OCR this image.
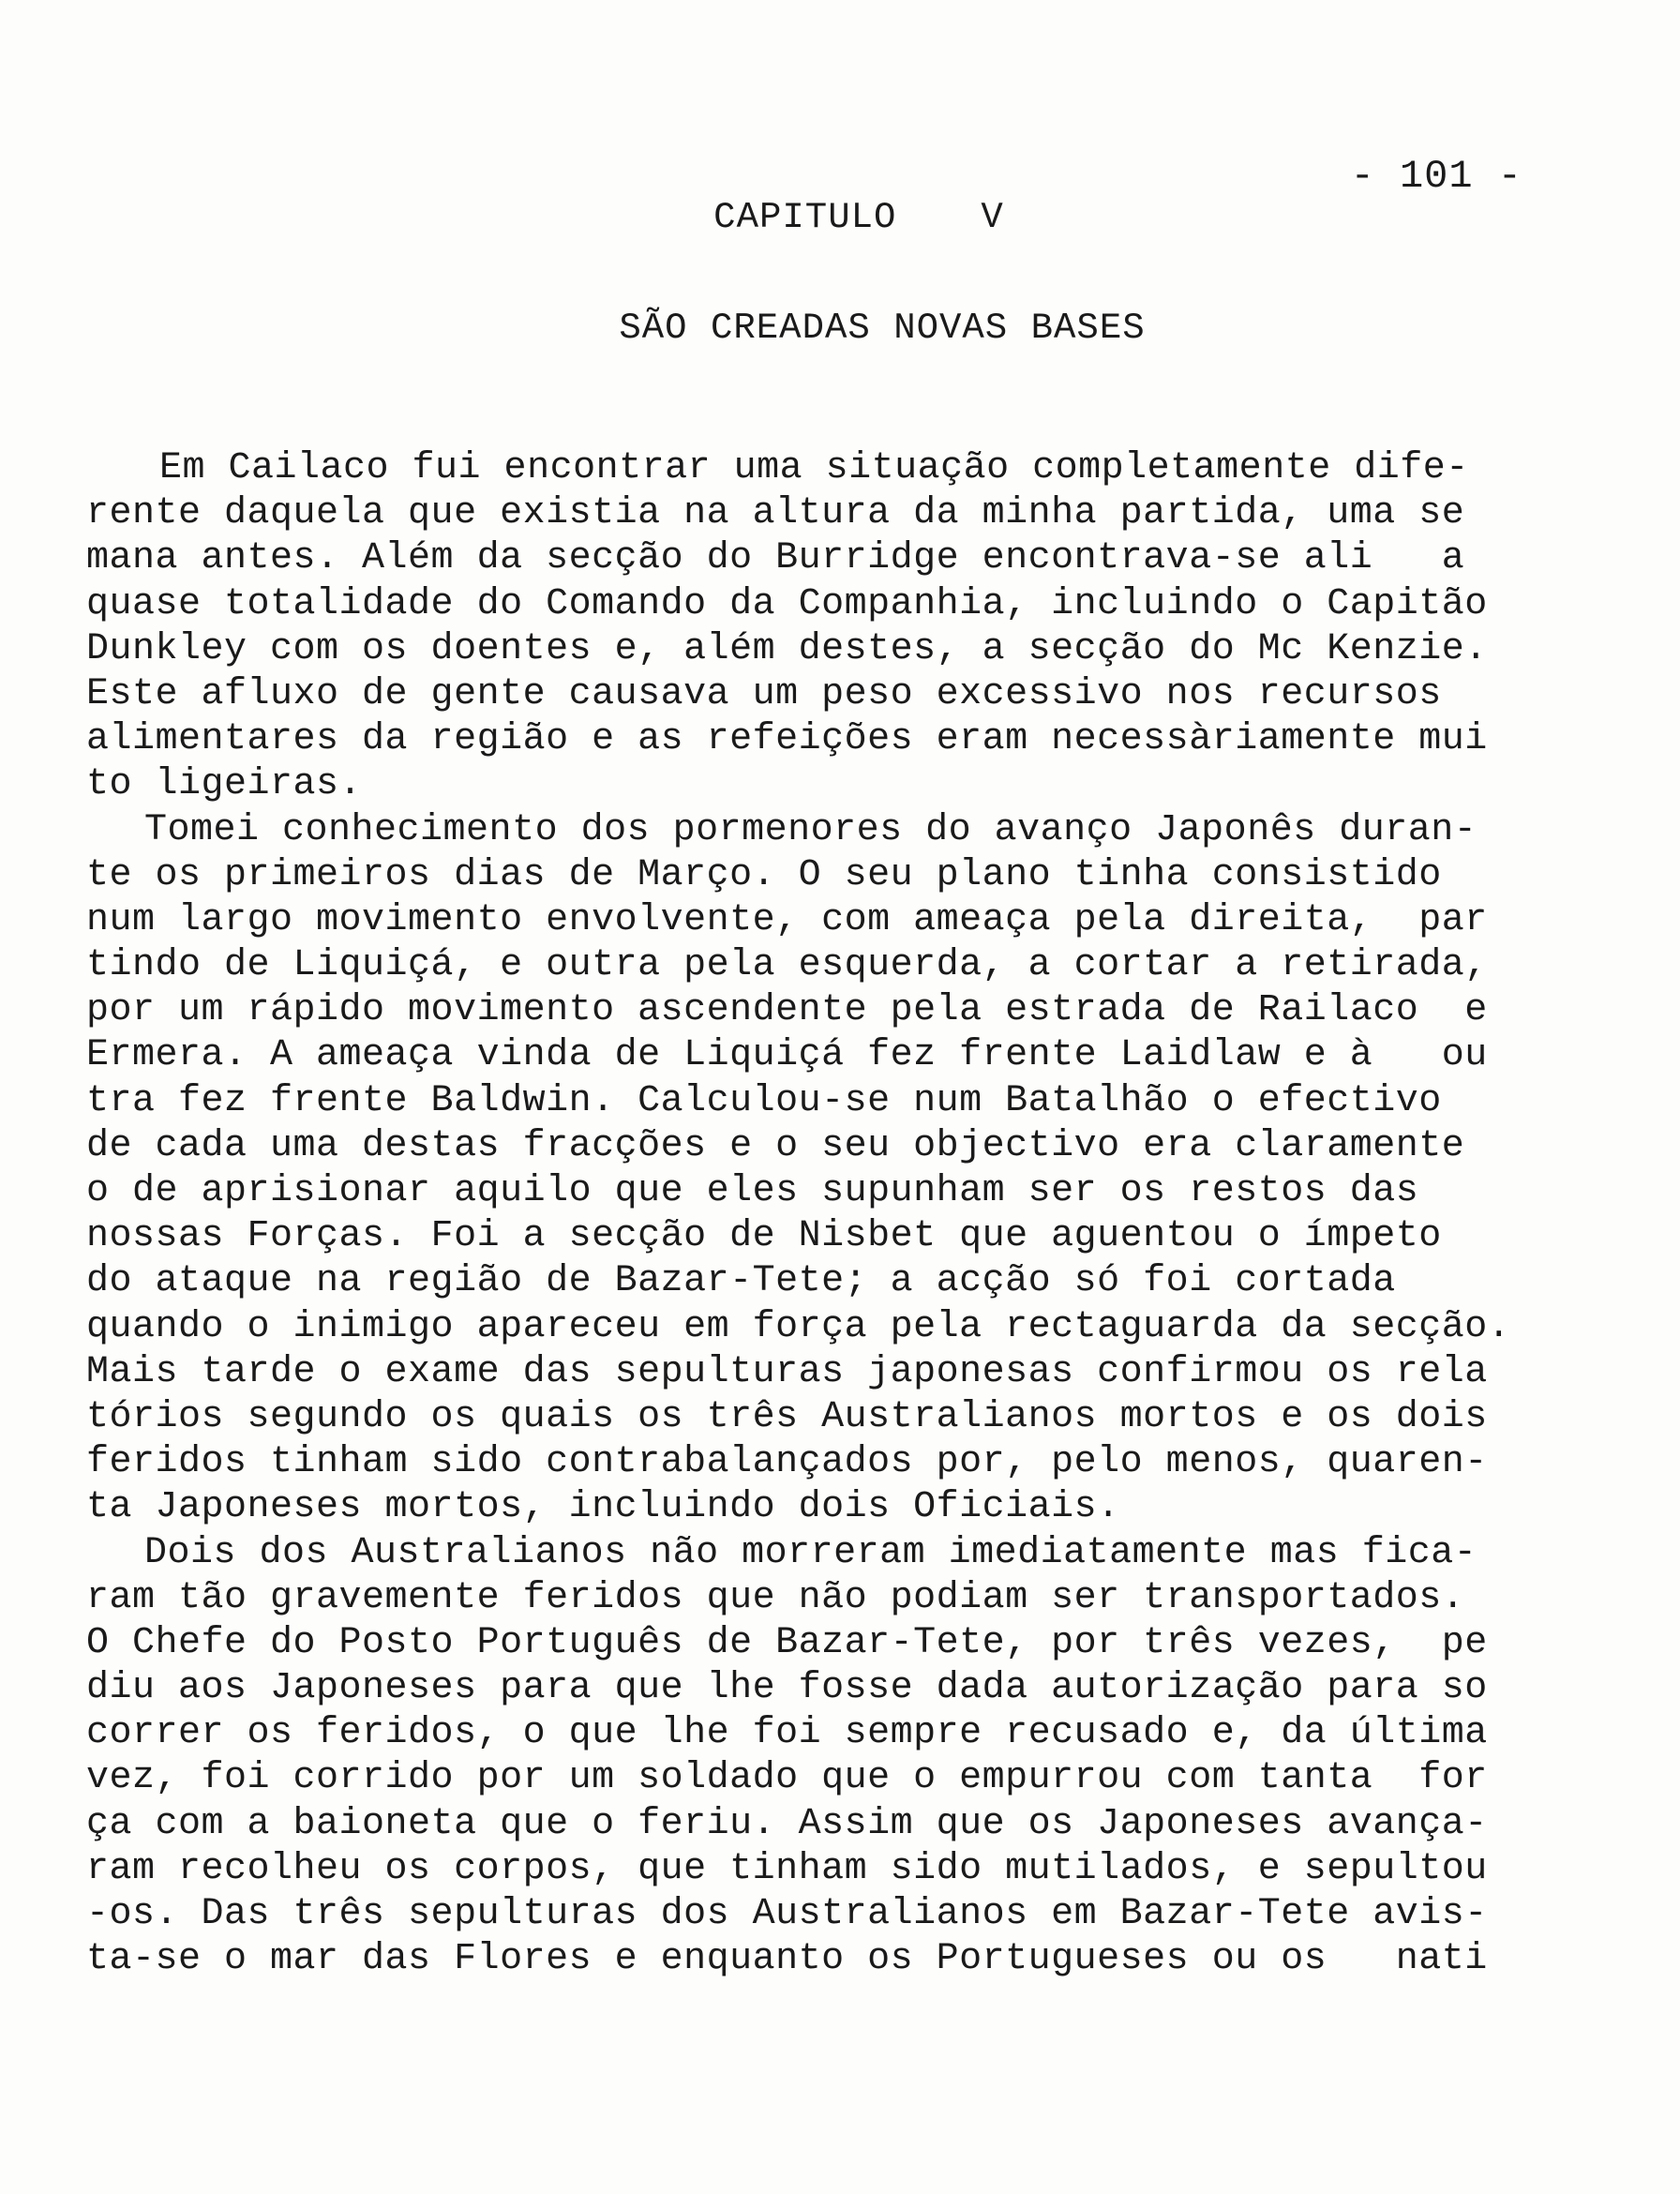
- 101 -
CAPITULO V
SÃO CREADAS NOVAS BASES
Em Cailaco fui encontrar uma situação completamente dife-
rente daquela que existia na altura da minha partida, uma se
mana antes. Além da secção do Burridge encontrava-se ali   a
quase totalidade do Comando da Companhia, incluindo o Capitão
Dunkley com os doentes e, além destes, a secção do Mc Kenzie.
Este afluxo de gente causava um peso excessivo nos recursos
alimentares da região e as refeições eram necessàriamente mui
to ligeiras.
Tomei conhecimento dos pormenores do avanço Japonês duran-
te os primeiros dias de Março. O seu plano tinha consistido
num largo movimento envolvente, com ameaça pela direita,  par
tindo de Liquiçá, e outra pela esquerda, a cortar a retirada,
por um rápido movimento ascendente pela estrada de Railaco  e
Ermera. A ameaça vinda de Liquiçá fez frente Laidlaw e à   ou
tra fez frente Baldwin. Calculou-se num Batalhão o efectivo
de cada uma destas fracções e o seu objectivo era claramente
o de aprisionar aquilo que eles supunham ser os restos das
nossas Forças. Foi a secção de Nisbet que aguentou o ímpeto
do ataque na região de Bazar-Tete; a acção só foi cortada
quando o inimigo apareceu em força pela rectaguarda da secção.
Mais tarde o exame das sepulturas japonesas confirmou os rela
tórios segundo os quais os três Australianos mortos e os dois
feridos tinham sido contrabalançados por, pelo menos, quaren-
ta Japoneses mortos, incluindo dois Oficiais.
Dois dos Australianos não morreram imediatamente mas fica-
ram tão gravemente feridos que não podiam ser transportados.
O Chefe do Posto Português de Bazar-Tete, por três vezes,  pe
diu aos Japoneses para que lhe fosse dada autorização para so
correr os feridos, o que lhe foi sempre recusado e, da última
vez, foi corrido por um soldado que o empurrou com tanta  for
ça com a baioneta que o feriu. Assim que os Japoneses avança-
ram recolheu os corpos, que tinham sido mutilados, e sepultou
-os. Das três sepulturas dos Australianos em Bazar-Tete avis-
ta-se o mar das Flores e enquanto os Portugueses ou os   nati
